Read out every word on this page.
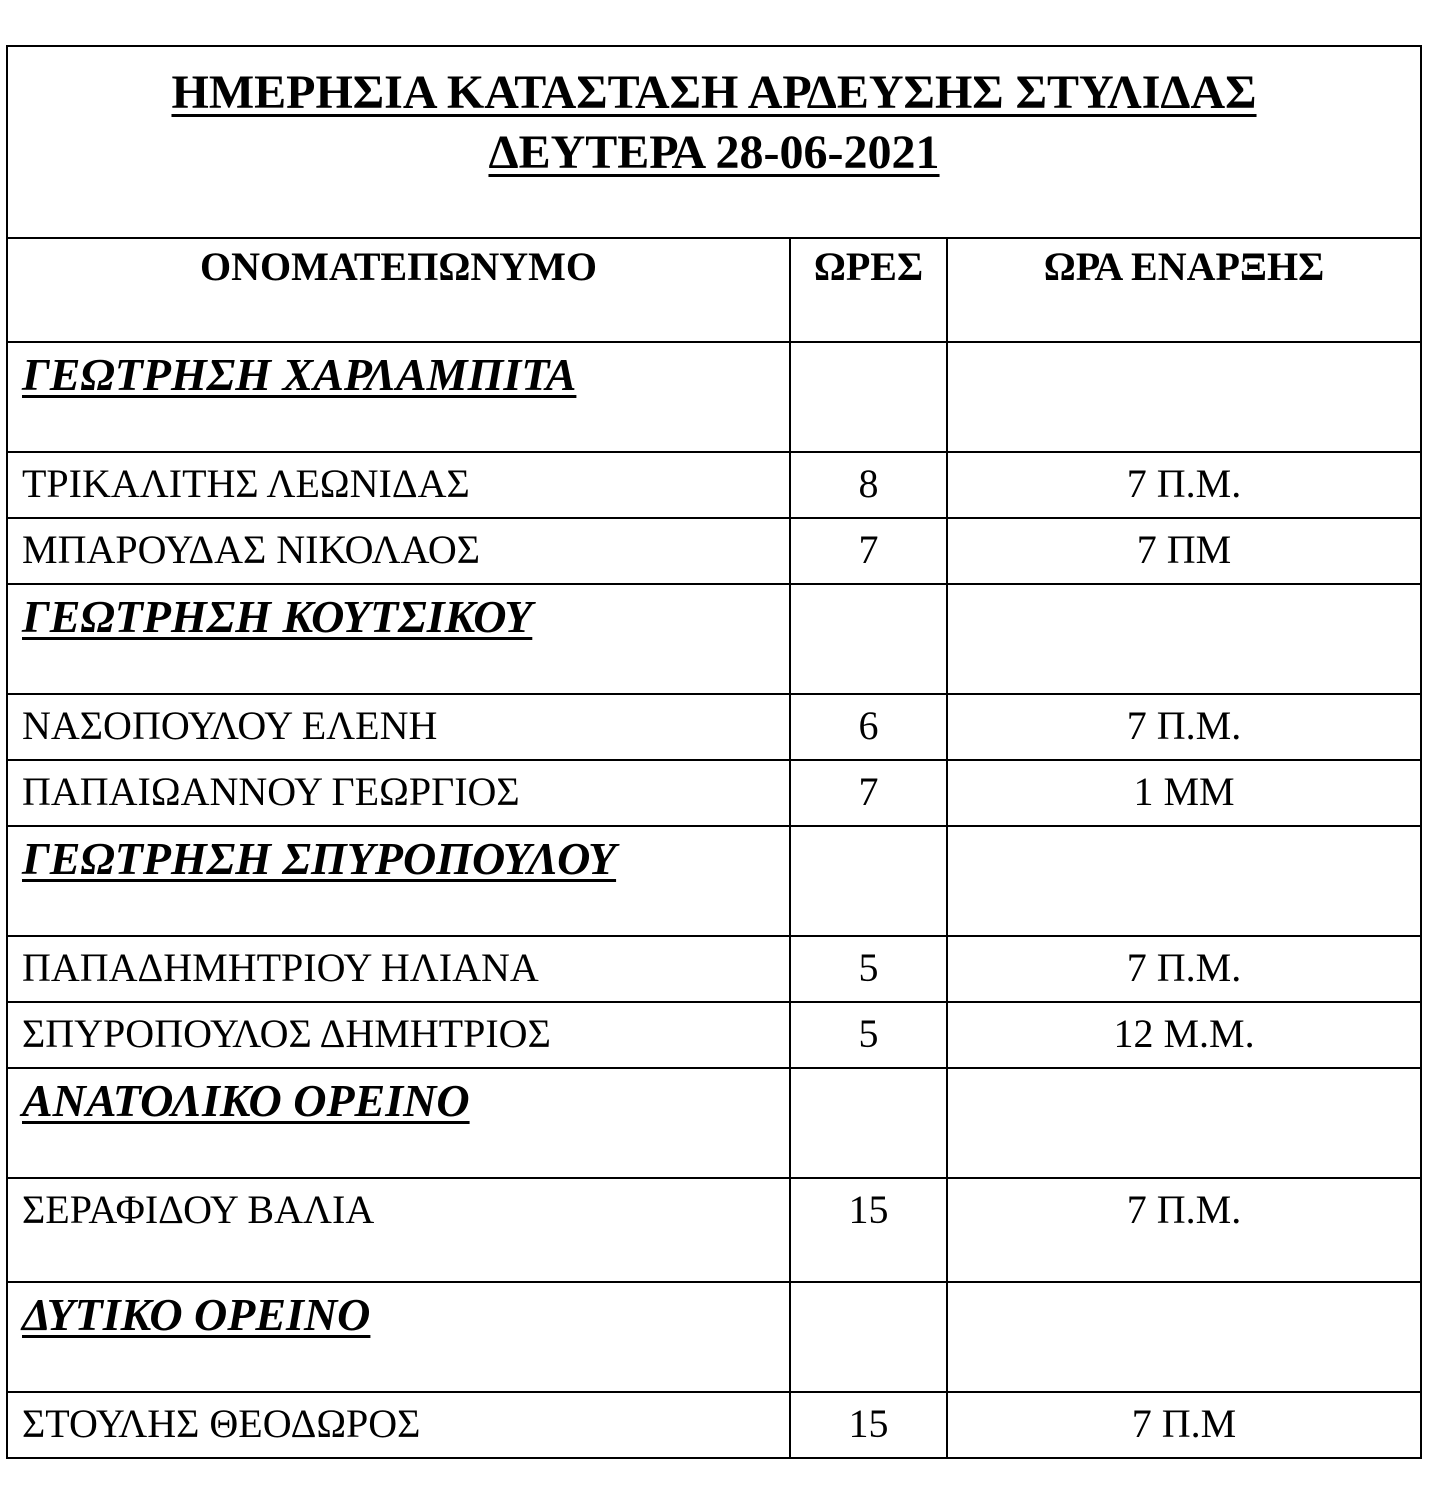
ΗΜΕΡΗΣΙΑ ΚΑΤΑΣΤΑΣΗ ΑΡΔΕΥΣΗΣ ΣΤΥΛΙΔΑΣ
ΔΕΥΤΕΡΑ 28-06-2021		

ΟΝΟΜΑΤΕΠΩΝΥΜΟ	ΩΡΕΣ	ΩΡΑ ΕΝΑΡΞΗΣ

ΓΕΩΤΡΗΣΗ ΧΑΡΛΑΜΠΙΤΑ		

ΤΡΙΚΑΛΙΤΗΣ ΛΕΩΝΙΔΑΣ	8	7 Π.Μ.

ΜΠΑΡΟΥΔΑΣ ΝΙΚΟΛΑΟΣ	7	7 ΠΜ

ΓΕΩΤΡΗΣΗ ΚΟΥΤΣΙΚΟΥ		

ΝΑΣΟΠΟΥΛΟΥ ΕΛΕΝΗ	6	7 Π.Μ.

ΠΑΠΑΙΩΑΝΝΟΥ ΓΕΩΡΓΙΟΣ	7	1 ΜΜ

ΓΕΩΤΡΗΣΗ ΣΠΥΡΟΠΟΥΛΟΥ		

ΠΑΠΑΔΗΜΗΤΡΙΟΥ ΗΛΙΑΝΑ	5	7 Π.Μ.

ΣΠΥΡΟΠΟΥΛΟΣ ΔΗΜΗΤΡΙΟΣ	5	12 Μ.Μ.

ΑΝΑΤΟΛΙΚΟ ΟΡΕΙΝΟ		

ΣΕΡΑΦΙΔΟΥ ΒΑΛΙΑ	15	7 Π.Μ.

ΔΥΤΙΚΟ ΟΡΕΙΝΟ		

ΣΤΟΥΛΗΣ ΘΕΟΔΩΡΟΣ	15	7 Π.Μ
